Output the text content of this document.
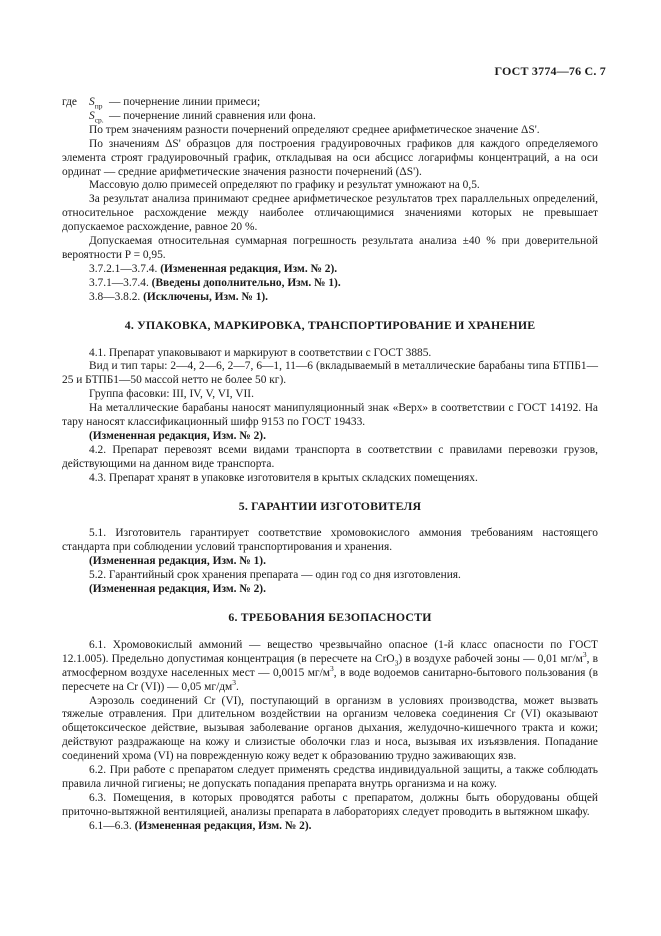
ГОСТ 3774—76 С. 7
где	$S_{пр}$ — почернение линии примеси;
$S_{ср.}$ — почернение линий сравнения или фона.

По трем значениям разности почернений определяют среднее арифметическое значение ΔS'.

По значениям ΔS' образцов для построения градуировочных графиков для каждого определяемого элемента строят градуировочный график, откладывая на оси абсцисс логарифмы концентраций, а на оси ординат — средние арифметические значения разности почернений (ΔS').

Массовую долю примесей определяют по графику и результат умножают на 0,5.

За результат анализа принимают среднее арифметическое результатов трех параллельных определений, относительное расхождение между наиболее отличающимися значениями которых не превышает допускаемое расхождение, равное 20 %.

Допускаемая относительная суммарная погрешность результата анализа ±40 % при доверительной вероятности P = 0,95.

3.7.2.1—3.7.4. (Измененная редакция, Изм. № 2).

3.7.1—3.7.4. (Введены дополнительно, Изм. № 1).

3.8—3.8.2. (Исключены, Изм. № 1).

4. УПАКОВКА, МАРКИРОВКА, ТРАНСПОРТИРОВАНИЕ И ХРАНЕНИЕ

4.1. Препарат упаковывают и маркируют в соответствии с ГОСТ 3885.

Вид и тип тары: 2—4, 2—6, 2—7, 6—1, 11—6 (вкладываемый в металлические барабаны типа БТПБ1—25 и БТПБ1—50 массой нетто не более 50 кг).

Группа фасовки: III, IV, V, VI, VII.

На металлические барабаны наносят манипуляционный знак «Верх» в соответствии с ГОСТ 14192. На тару наносят классификационный шифр 9153 по ГОСТ 19433.

(Измененная редакция, Изм. № 2).

4.2. Препарат перевозят всеми видами транспорта в соответствии с правилами перевозки грузов, действующими на данном виде транспорта.

4.3. Препарат хранят в упаковке изготовителя в крытых складских помещениях.

5. ГАРАНТИИ ИЗГОТОВИТЕЛЯ

5.1. Изготовитель гарантирует соответствие хромовокислого аммония требованиям настоящего стандарта при соблюдении условий транспортирования и хранения.

(Измененная редакция, Изм. № 1).

5.2. Гарантийный срок хранения препарата — один год со дня изготовления.

(Измененная редакция, Изм. № 2).

6. ТРЕБОВАНИЯ БЕЗОПАСНОСТИ

6.1. Хромовокислый аммоний — вещество чрезвычайно опасное (1-й класс опасности по ГОСТ 12.1.005). Предельно допустимая концентрация (в пересчете на CrO$_3$) в воздухе рабочей зоны — 0,01 $мг/м^3$, в атмосферном воздухе населенных мест — 0,0015 $мг/м^3$, в воде водоемов санитарно-бытового пользования (в пересчете на Cr (VI)) — 0,05 $мг/дм^3$.

Аэрозоль соединений Cr (VI), поступающий в организм в условиях производства, может вызвать тяжелые отравления. При длительном воздействии на организм человека соединения Cr (VI) оказывают общетоксическое действие, вызывая заболевание органов дыхания, желудочно-кишечного тракта и кожи; действуют раздражающе на кожу и слизистые оболочки глаз и носа, вызывая их изъязвления. Попадание соединений хрома (VI) на поврежденную кожу ведет к образованию трудно заживающих язв.

6.2. При работе с препаратом следует применять средства индивидуальной защиты, а также соблюдать правила личной гигиены; не допускать попадания препарата внутрь организма и на кожу.

6.3. Помещения, в которых проводятся работы с препаратом, должны быть оборудованы общей приточно-вытяжной вентиляцией, анализы препарата в лабораториях следует проводить в вытяжном шкафу.

6.1—6.3. (Измененная редакция, Изм. № 2).
